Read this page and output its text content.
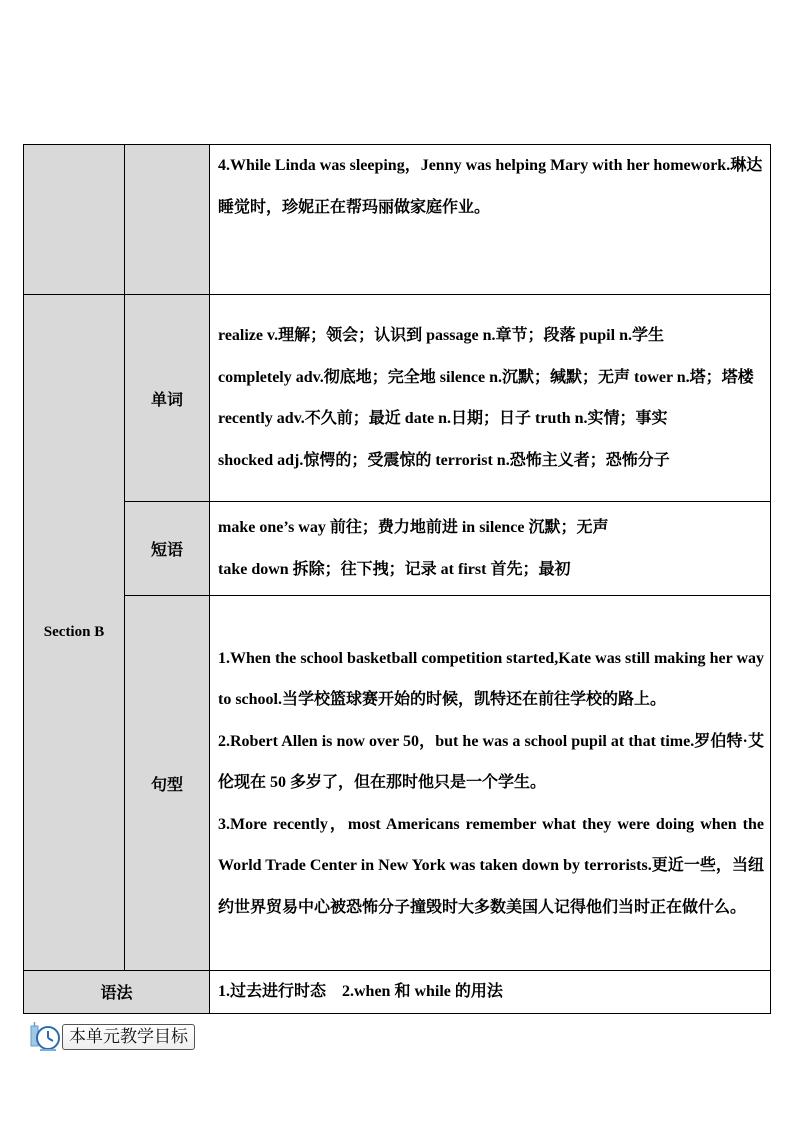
		4.While Linda was sleeping，Jenny was helping Mary with her homework.琳达睡觉时，珍妮正在帮玛丽做家庭作业。

Section B	单词	realize v.理解；领会；认识到 passage n.章节；段落 pupil n.学生

completely adv.彻底地；完全地 silence n.沉默；缄默；无声 tower n.塔；塔楼

recently adv.不久前；最近 date n.日期；日子 truth n.实情；事实

shocked adj.惊愕的；受震惊的 terrorist n.恐怖主义者；恐怖分子

	短语	make one’s way 前往；费力地前进 in silence 沉默；无声

take down 拆除；往下拽；记录 at first 首先；最初

	句型	1.When the school basketball competition started,Kate was still making her way to school.当学校篮球赛开始的时候，凯特还在前往学校的路上。

2.Robert Allen is now over 50，but he was a school pupil at that time.罗伯特·艾伦现在 50 多岁了，但在那时他只是一个学生。

3.More recently，most Americans remember what they were doing when the World Trade Center in New York was taken down by terrorists.更近一些，当纽约世界贸易中心被恐怖分子撞毁时大多数美国人记得他们当时正在做什么。

语法		1.过去进行时态　2.when 和 while 的用法
本单元教学目标
